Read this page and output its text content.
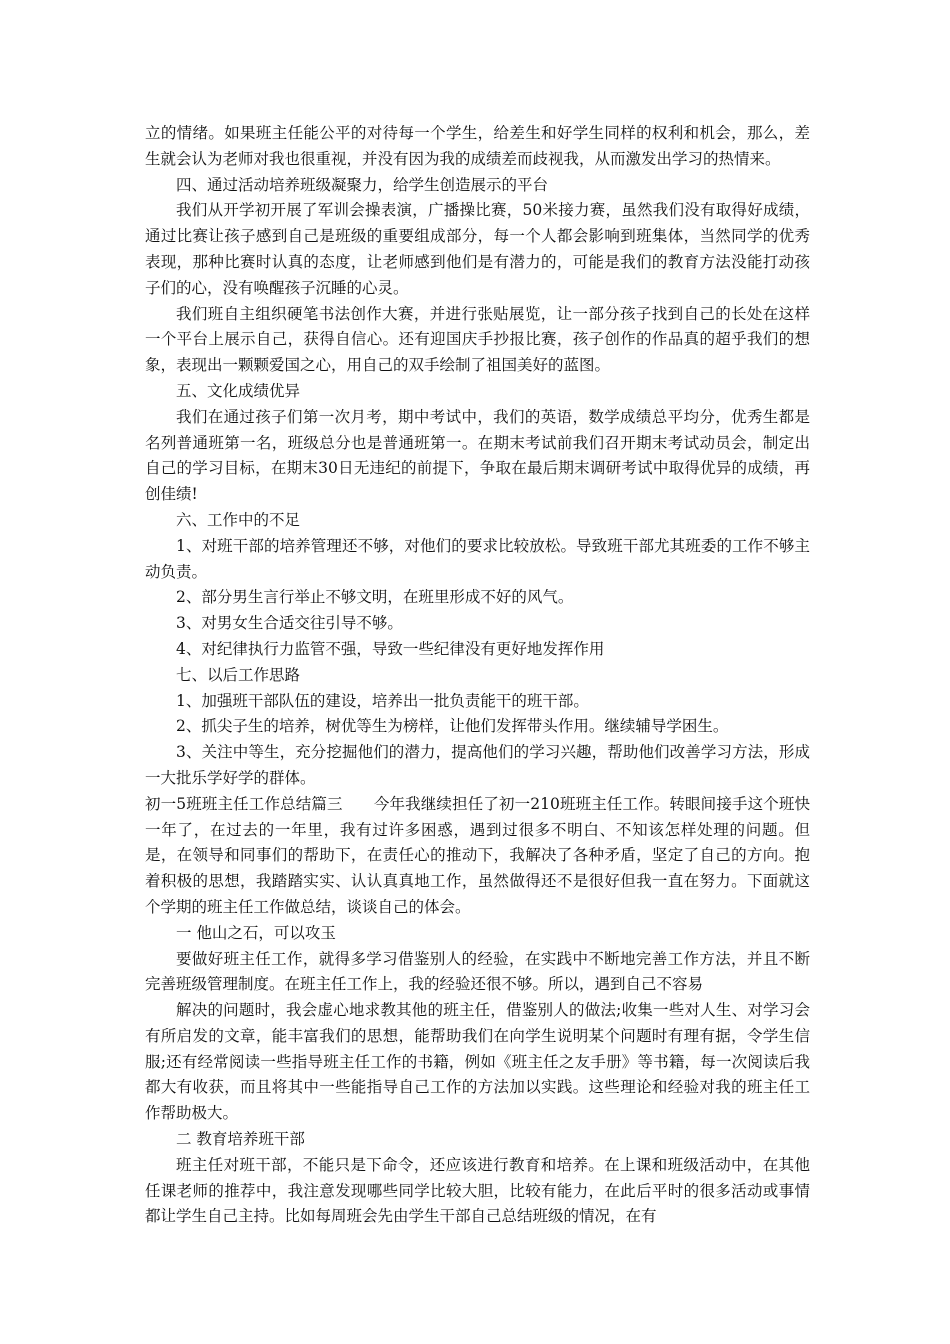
立的情绪。如果班主任能公平的对待每一个学生，给差生和好学生同样的权利和机会，那么，差生就会认为老师对我也很重视，并没有因为我的成绩差而歧视我，从而激发出学习的热情来。

四、通过活动培养班级凝聚力，给学生创造展示的平台

我们从开学初开展了军训会操表演，广播操比赛，50米接力赛，虽然我们没有取得好成绩，通过比赛让孩子感到自己是班级的重要组成部分，每一个人都会影响到班集体，当然同学的优秀表现，那种比赛时认真的态度，让老师感到他们是有潜力的，可能是我们的教育方法没能打动孩子们的心，没有唤醒孩子沉睡的心灵。

我们班自主组织硬笔书法创作大赛，并进行张贴展览，让一部分孩子找到自己的长处在这样一个平台上展示自己，获得自信心。还有迎国庆手抄报比赛，孩子创作的作品真的超乎我们的想象，表现出一颗颗爱国之心，用自己的双手绘制了祖国美好的蓝图。

五、文化成绩优异

我们在通过孩子们第一次月考，期中考试中，我们的英语，数学成绩总平均分，优秀生都是名列普通班第一名，班级总分也是普通班第一。在期末考试前我们召开期末考试动员会，制定出自己的学习目标，在期末30日无违纪的前提下，争取在最后期末调研考试中取得优异的成绩，再创佳绩!

六、工作中的不足

1、对班干部的培养管理还不够，对他们的要求比较放松。导致班干部尤其班委的工作不够主动负责。

2、部分男生言行举止不够文明，在班里形成不好的风气。

3、对男女生合适交往引导不够。

4、对纪律执行力监管不强，导致一些纪律没有更好地发挥作用

七、以后工作思路

1、加强班干部队伍的建设，培养出一批负责能干的班干部。

2、抓尖子生的培养，树优等生为榜样，让他们发挥带头作用。继续辅导学困生。

3、关注中等生，充分挖掘他们的潜力，提高他们的学习兴趣，帮助他们改善学习方法，形成一大批乐学好学的群体。

初一5班班主任工作总结篇三　　今年我继续担任了初一210班班主任工作。转眼间接手这个班快一年了，在过去的一年里，我有过许多困惑，遇到过很多不明白、不知该怎样处理的问题。但是，在领导和同事们的帮助下，在责任心的推动下，我解决了各种矛盾，坚定了自己的方向。抱着积极的思想，我踏踏实实、认认真真地工作，虽然做得还不是很好但我一直在努力。下面就这个学期的班主任工作做总结，谈谈自己的体会。

一 他山之石，可以攻玉

要做好班主任工作，就得多学习借鉴别人的经验，在实践中不断地完善工作方法，并且不断完善班级管理制度。在班主任工作上，我的经验还很不够。所以，遇到自己不容易

解决的问题时，我会虚心地求教其他的班主任，借鉴别人的做法;收集一些对人生、对学习会有所启发的文章，能丰富我们的思想，能帮助我们在向学生说明某个问题时有理有据，令学生信服;还有经常阅读一些指导班主任工作的书籍，例如《班主任之友手册》等书籍，每一次阅读后我都大有收获，而且将其中一些能指导自己工作的方法加以实践。这些理论和经验对我的班主任工作帮助极大。

二 教育培养班干部

班主任对班干部，不能只是下命令，还应该进行教育和培养。在上课和班级活动中，在其他任课老师的推荐中，我注意发现哪些同学比较大胆，比较有能力，在此后平时的很多活动或事情都让学生自己主持。比如每周班会先由学生干部自己总结班级的情况，在有
